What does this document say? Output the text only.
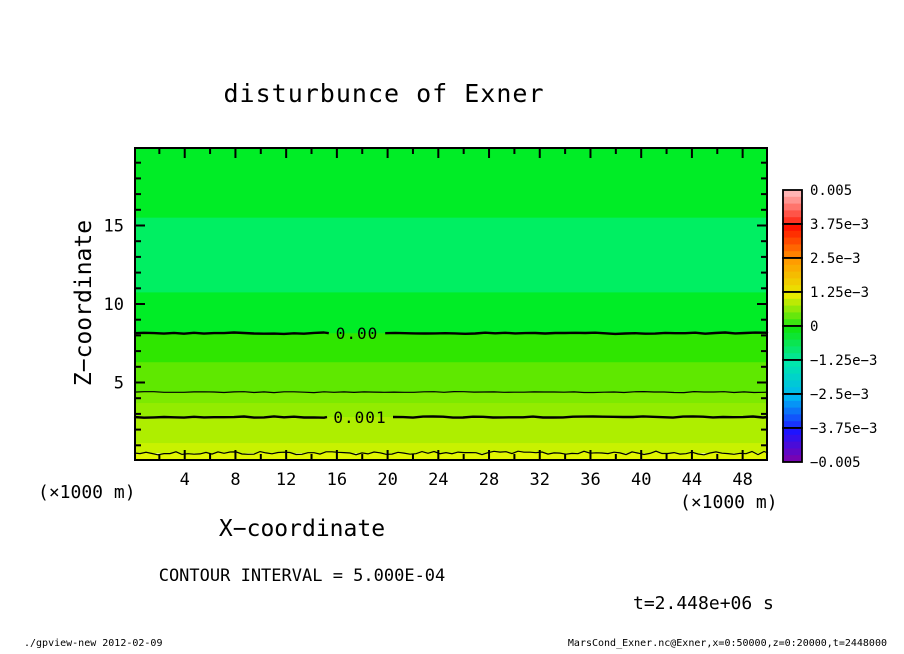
disturbunce of Exner
Z−coordinate
X−coordinate
(×1000 m)	(×1000 m)
CONTOUR INTERVAL = 5.000E-04
t=2.448e+06 s
./gpview-new 2012-02-09	MarsCond_Exner.nc@Exner,x=0:50000,z=0:20000,t=2448000
0.00
0.001
4 8 12 16 20 24 28 32 36 40 44 48
5
10
15
0.005
3.75e−3
2.5e−3
1.25e−3
0
−1.25e−3
−2.5e−3
−3.75e−3
−0.005
